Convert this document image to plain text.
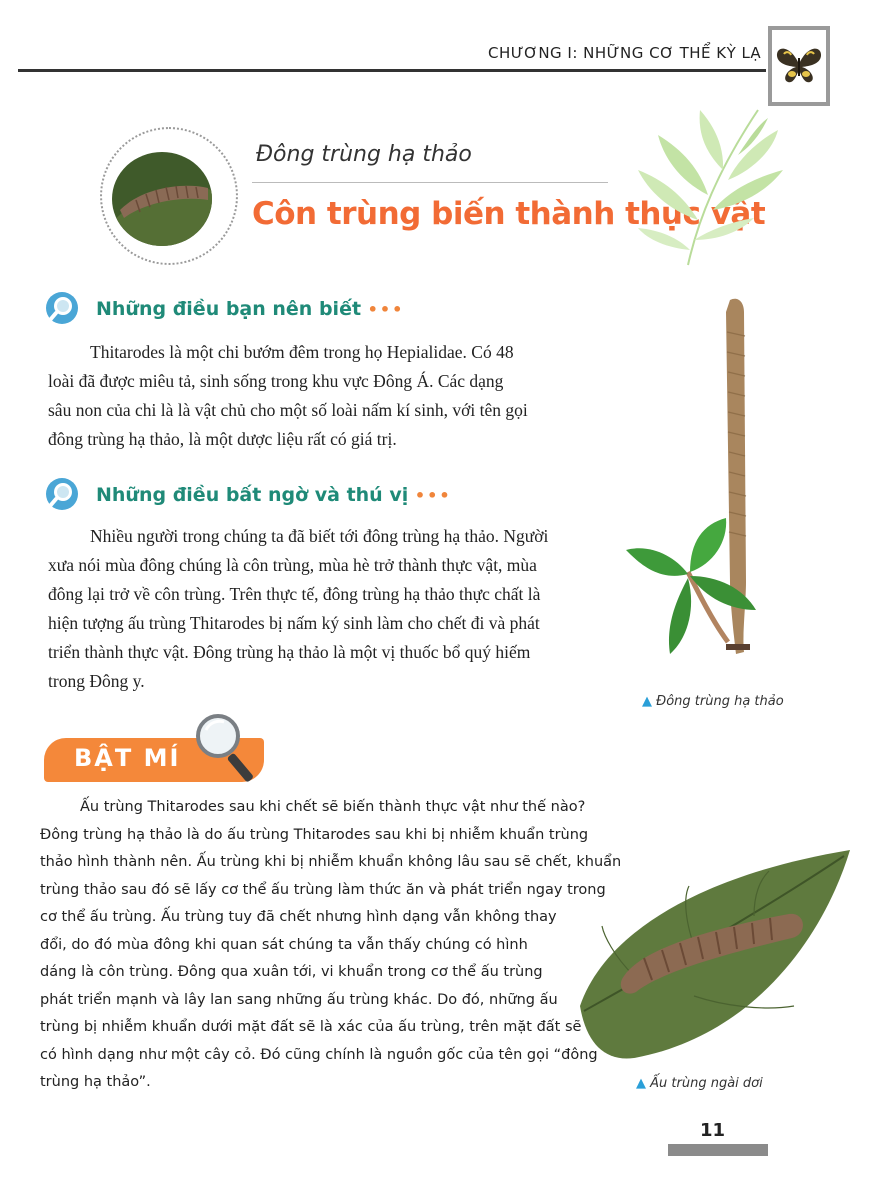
CHƯƠNG I: NHỮNG CƠ THỂ KỲ LẠ
Đông trùng hạ thảo
Côn trùng biến thành thực vật
Những điều bạn nên biết •••
Thitarodes là một chi bướm đêm trong họ Hepialidae. Có 48
loài đã được miêu tả, sinh sống trong khu vực Đông Á. Các dạng
sâu non của chi là là vật chủ cho một số loài nấm kí sinh, với tên gọi
đông trùng hạ thảo, là một dược liệu rất có giá trị.
Những điều bất ngờ và thú vị •••
Nhiều người trong chúng ta đã biết tới đông trùng hạ thảo. Người
xưa nói mùa đông chúng là côn trùng, mùa hè trở thành thực vật, mùa
đông lại trở về côn trùng. Trên thực tế, đông trùng hạ thảo thực chất là
hiện tượng ấu trùng Thitarodes bị nấm ký sinh làm cho chết đi và phát
triển thành thực vật. Đông trùng hạ thảo là một vị thuốc bổ quý hiếm
trong Đông y.
▲ Đông trùng hạ thảo
BẬT MÍ
Ấu trùng Thitarodes sau khi chết sẽ biến thành thực vật như thế nào?
Đông trùng hạ thảo là do ấu trùng Thitarodes sau khi bị nhiễm khuẩn trùng
thảo hình thành nên. Ấu trùng khi bị nhiễm khuẩn không lâu sau sẽ chết, khuẩn
trùng thảo sau đó sẽ lấy cơ thể ấu trùng làm thức ăn và phát triển ngay trong
cơ thể ấu trùng. Ấu trùng tuy đã chết nhưng hình dạng vẫn không thay
đổi, do đó mùa đông khi quan sát chúng ta vẫn thấy chúng có hình
dáng là côn trùng. Đông qua xuân tới, vi khuẩn trong cơ thể ấu trùng
phát triển mạnh và lây lan sang những ấu trùng khác. Do đó, những ấu
trùng bị nhiễm khuẩn dưới mặt đất sẽ là xác của ấu trùng, trên mặt đất sẽ
có hình dạng như một cây cỏ. Đó cũng chính là nguồn gốc của tên gọi “đông
trùng hạ thảo”.	▲ Ấu trùng ngài dơi
11
